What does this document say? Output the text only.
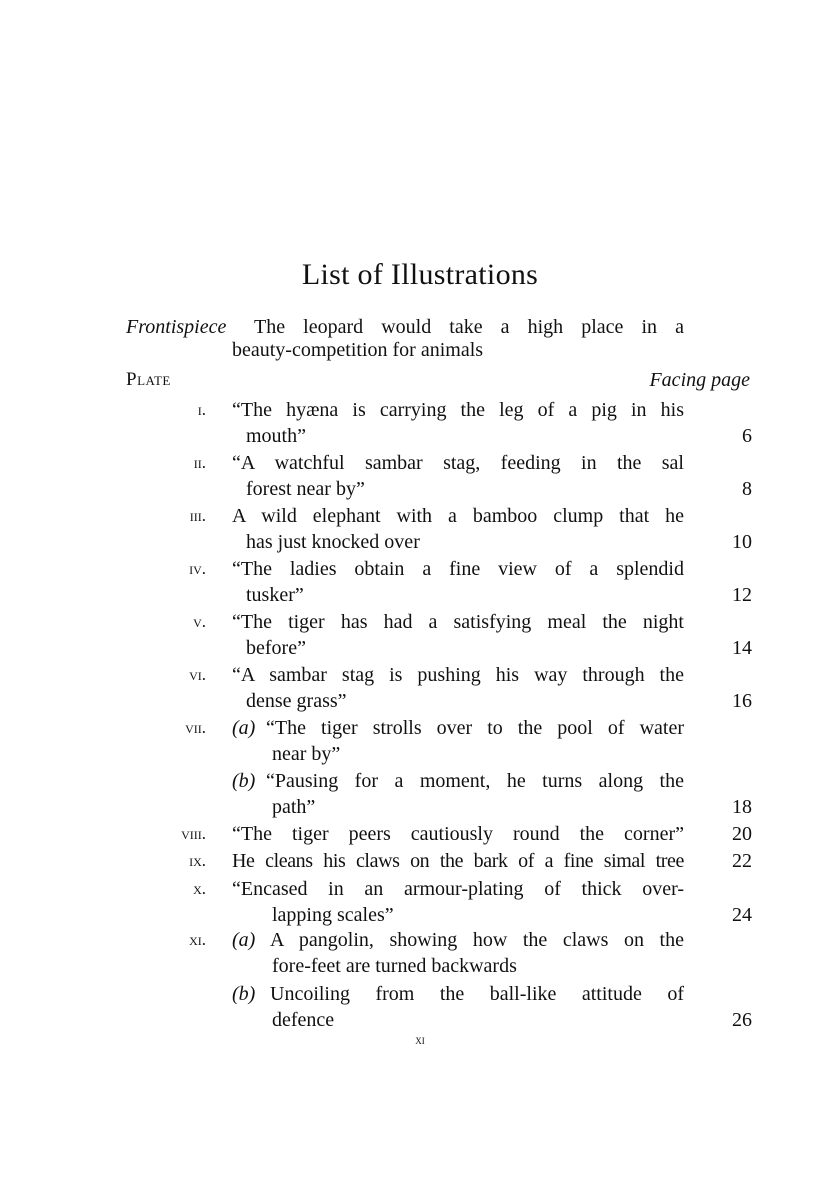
List of Illustrations
Frontispiece The leopard would take a high place in a
beauty-competition for animals
Plate	Facing page
i. “The hyæna is carrying the leg of a pig in his
mouth”	6
ii. “A watchful sambar stag, feeding in the sal
forest near by”	8
iii. A wild elephant with a bamboo clump that he
has just knocked over	10
iv. “The ladies obtain a fine view of a splendid
tusker”	12
v. “The tiger has had a satisfying meal the night
before”	14
vi. “A sambar stag is pushing his way through the
dense grass”	16
vii. (a) “The tiger strolls over to the pool of water
near by”
(b) “Pausing for a moment, he turns along the
path”	18
viii. “The tiger peers cautiously round the corner” 20
ix. He cleans his claws on the bark of a fine simal tree 22
x. “Encased in an armour-plating of thick over-
lapping scales”	24
xi. (a) A pangolin, showing how the claws on the
fore-feet are turned backwards
(b) Uncoiling from the ball-like attitude of
defence	26
xi
